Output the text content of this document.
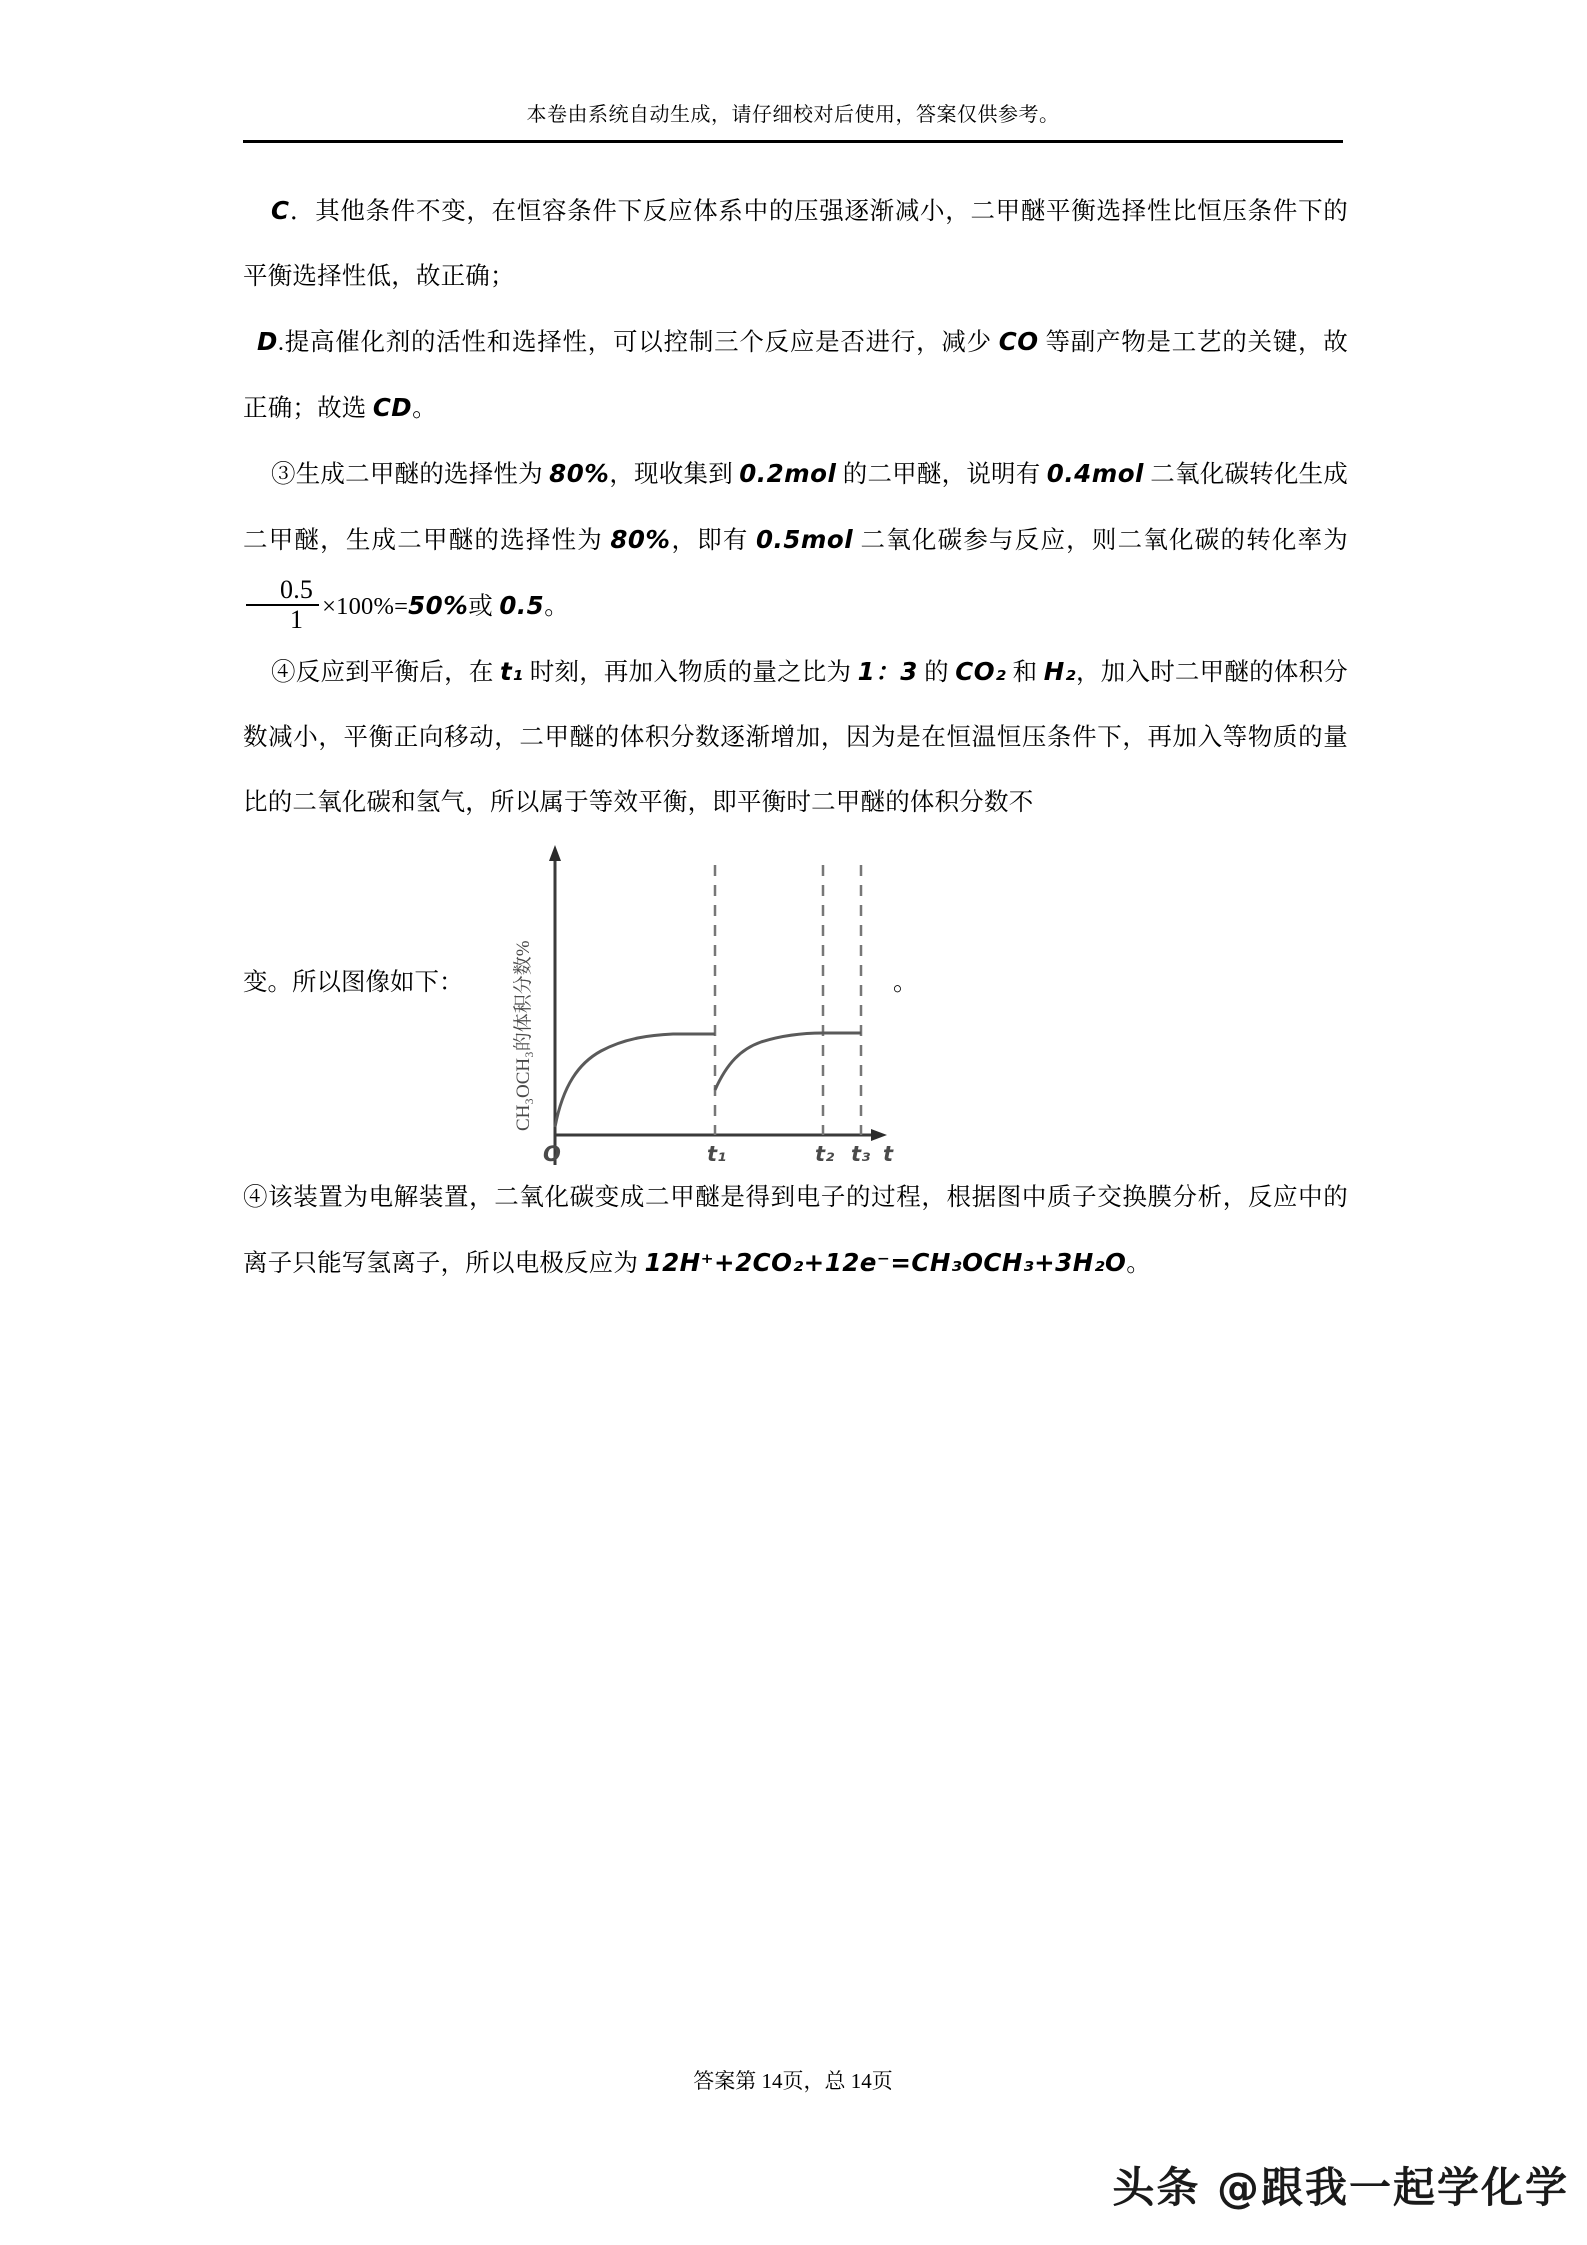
本卷由系统自动生成，请仔细校对后使用，答案仅供参考。

C．其他条件不变，在恒容条件下反应体系中的压强逐渐减小，二甲醚平衡选择性比恒压条件下的平衡选择性低，故正确；

D.提高催化剂的活性和选择性，可以控制三个反应是否进行，减少 CO 等副产物是工艺的关键，故正确；故选 CD。

③生成二甲醚的选择性为 80%，现收集到 0.2mol 的二甲醚，说明有 0.4mol 二氧化碳转化生成二甲醚，生成二甲醚的选择性为 80%，即有 0.5mol 二氧化碳参与反应，则二氧化碳的转化率为
$\frac{0.5}{1} \times 100\%=50\%$或 0.5。

④反应到平衡后，在 t₁ 时刻，再加入物质的量之比为 1：3 的 CO₂ 和 H₂，加入时二甲醚的体积分数减小，平衡正向移动，二甲醚的体积分数逐渐增加，因为是在恒温恒压条件下，再加入等物质的量比的二氧化碳和氢气，所以属于等效平衡，即平衡时二甲醚的体积分数不

变。所以图像如下：	CH₃OCH₃的体积分数%
O	t₁	t₂ t₃ t
。

④该装置为电解装置，二氧化碳变成二甲醚是得到电子的过程，根据图中质子交换膜分析，反应中的离子只能写氢离子，所以电极反应为 12H⁺+2CO₂+12e⁻=CH₃OCH₃+3H₂O。

答案第 14页，总 14页
头条 @跟我一起学化学
